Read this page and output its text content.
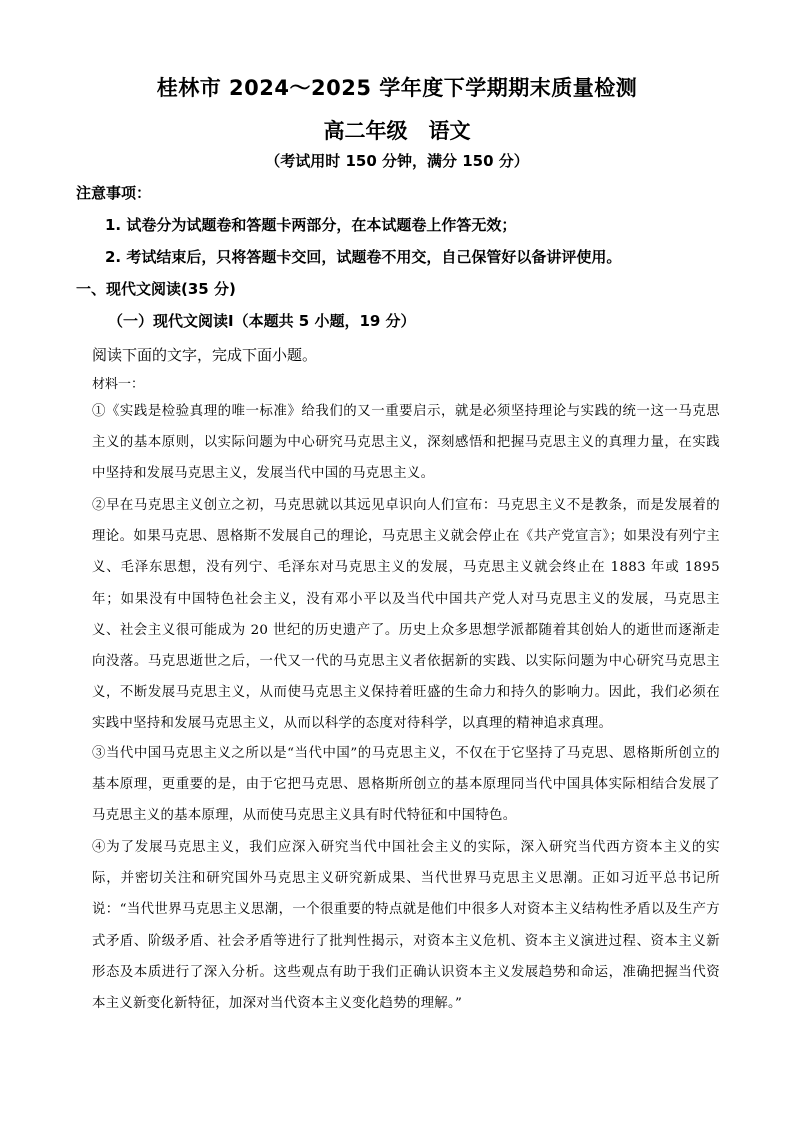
桂林市 2024～2025 学年度下学期期末质量检测
高二年级　语文
（考试用时 150 分钟，满分 150 分）
注意事项：
1. 试卷分为试题卷和答题卡两部分，在本试题卷上作答无效；
2. 考试结束后，只将答题卡交回，试题卷不用交，自己保管好以备讲评使用。
一、现代文阅读(35 分)
（一）现代文阅读Ⅰ（本题共 5 小题，19 分）
阅读下面的文字，完成下面小题。
材料一：

①《实践是检验真理的唯一标准》给我们的又一重要启示，就是必须坚持理论与实践的统一这一马克思主义的基本原则，以实际问题为中心研究马克思主义，深刻感悟和把握马克思主义的真理力量，在实践中坚持和发展马克思主义，发展当代中国的马克思主义。

②早在马克思主义创立之初，马克思就以其远见卓识向人们宣布：马克思主义不是教条，而是发展着的理论。如果马克思、恩格斯不发展自己的理论，马克思主义就会停止在《共产党宣言》；如果没有列宁主义、毛泽东思想，没有列宁、毛泽东对马克思主义的发展，马克思主义就会终止在 1883 年或 1895 年；如果没有中国特色社会主义，没有邓小平以及当代中国共产党人对马克思主义的发展，马克思主义、社会主义很可能成为 20 世纪的历史遗产了。历史上众多思想学派都随着其创始人的逝世而逐渐走向没落。马克思逝世之后，一代又一代的马克思主义者依据新的实践、以实际问题为中心研究马克思主义，不断发展马克思主义，从而使马克思主义保持着旺盛的生命力和持久的影响力。因此，我们必须在实践中坚持和发展马克思主义，从而以科学的态度对待科学，以真理的精神追求真理。

③当代中国马克思主义之所以是“当代中国”的马克思主义，不仅在于它坚持了马克思、恩格斯所创立的基本原理，更重要的是，由于它把马克思、恩格斯所创立的基本原理同当代中国具体实际相结合发展了马克思主义的基本原理，从而使马克思主义具有时代特征和中国特色。

④为了发展马克思主义，我们应深入研究当代中国社会主义的实际，深入研究当代西方资本主义的实际，并密切关注和研究国外马克思主义研究新成果、当代世界马克思主义思潮。正如习近平总书记所说：“当代世界马克思主义思潮，一个很重要的特点就是他们中很多人对资本主义结构性矛盾以及生产方式矛盾、阶级矛盾、社会矛盾等进行了批判性揭示，对资本主义危机、资本主义演进过程、资本主义新形态及本质进行了深入分析。这些观点有助于我们正确认识资本主义发展趋势和命运，准确把握当代资本主义新变化新特征，加深对当代资本主义变化趋势的理解。”
